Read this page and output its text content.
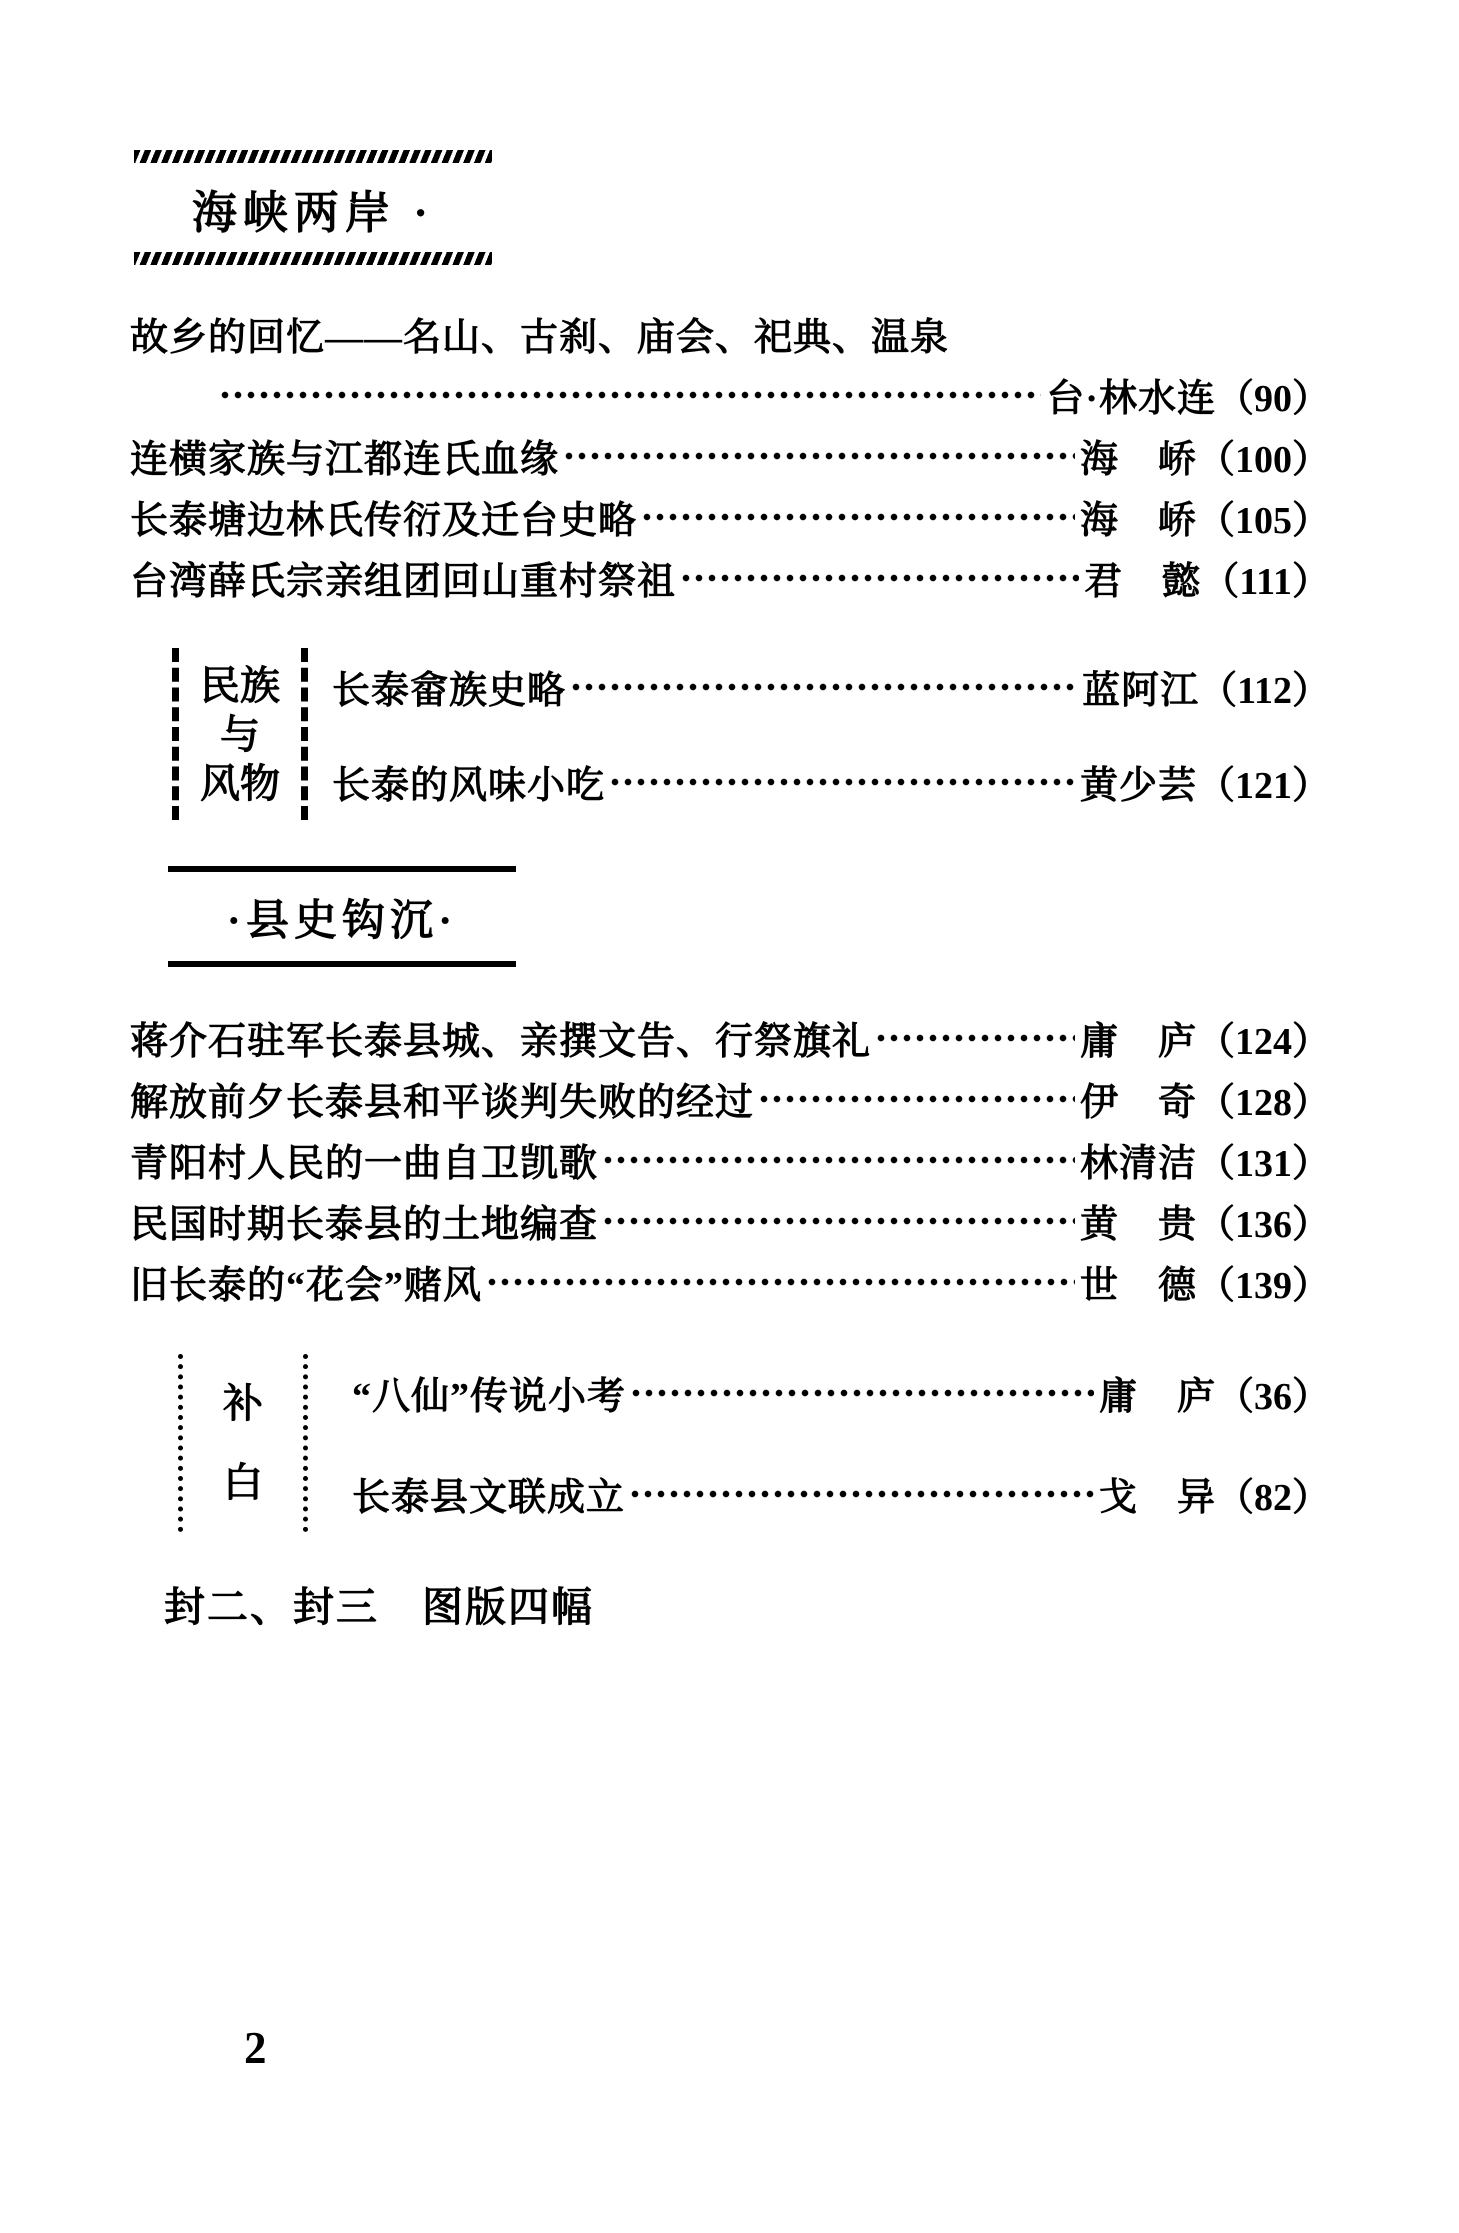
海峡两岸 ·
故乡的回忆——名山、古刹、庙会、祀典、温泉
台·林水连 （90）
连横家族与江都连氏血缘	海　峤 （100）
长泰塘边林氏传衍及迁台史略	海　峤 （105）
台湾薛氏宗亲组团回山重村祭祖	君　懿 （111）
民族
与
风物
长泰畲族史略	蓝阿江 （112）
长泰的风味小吃	黄少芸 （121）
·县史钩沉·
蒋介石驻军长泰县城、亲撰文告、行祭旗礼	庸　庐 （124）
解放前夕长泰县和平谈判失败的经过	伊　奇 （128）
青阳村人民的一曲自卫凯歌	林清洁 （131）
民国时期长泰县的土地编查	黄　贵 （136）
旧长泰的“花会”赌风	世　德 （139）
补
白
“八仙”传说小考	庸　庐 （36）
长泰县文联成立	戈　异 （82）
封二、封三　图版四幅
2
